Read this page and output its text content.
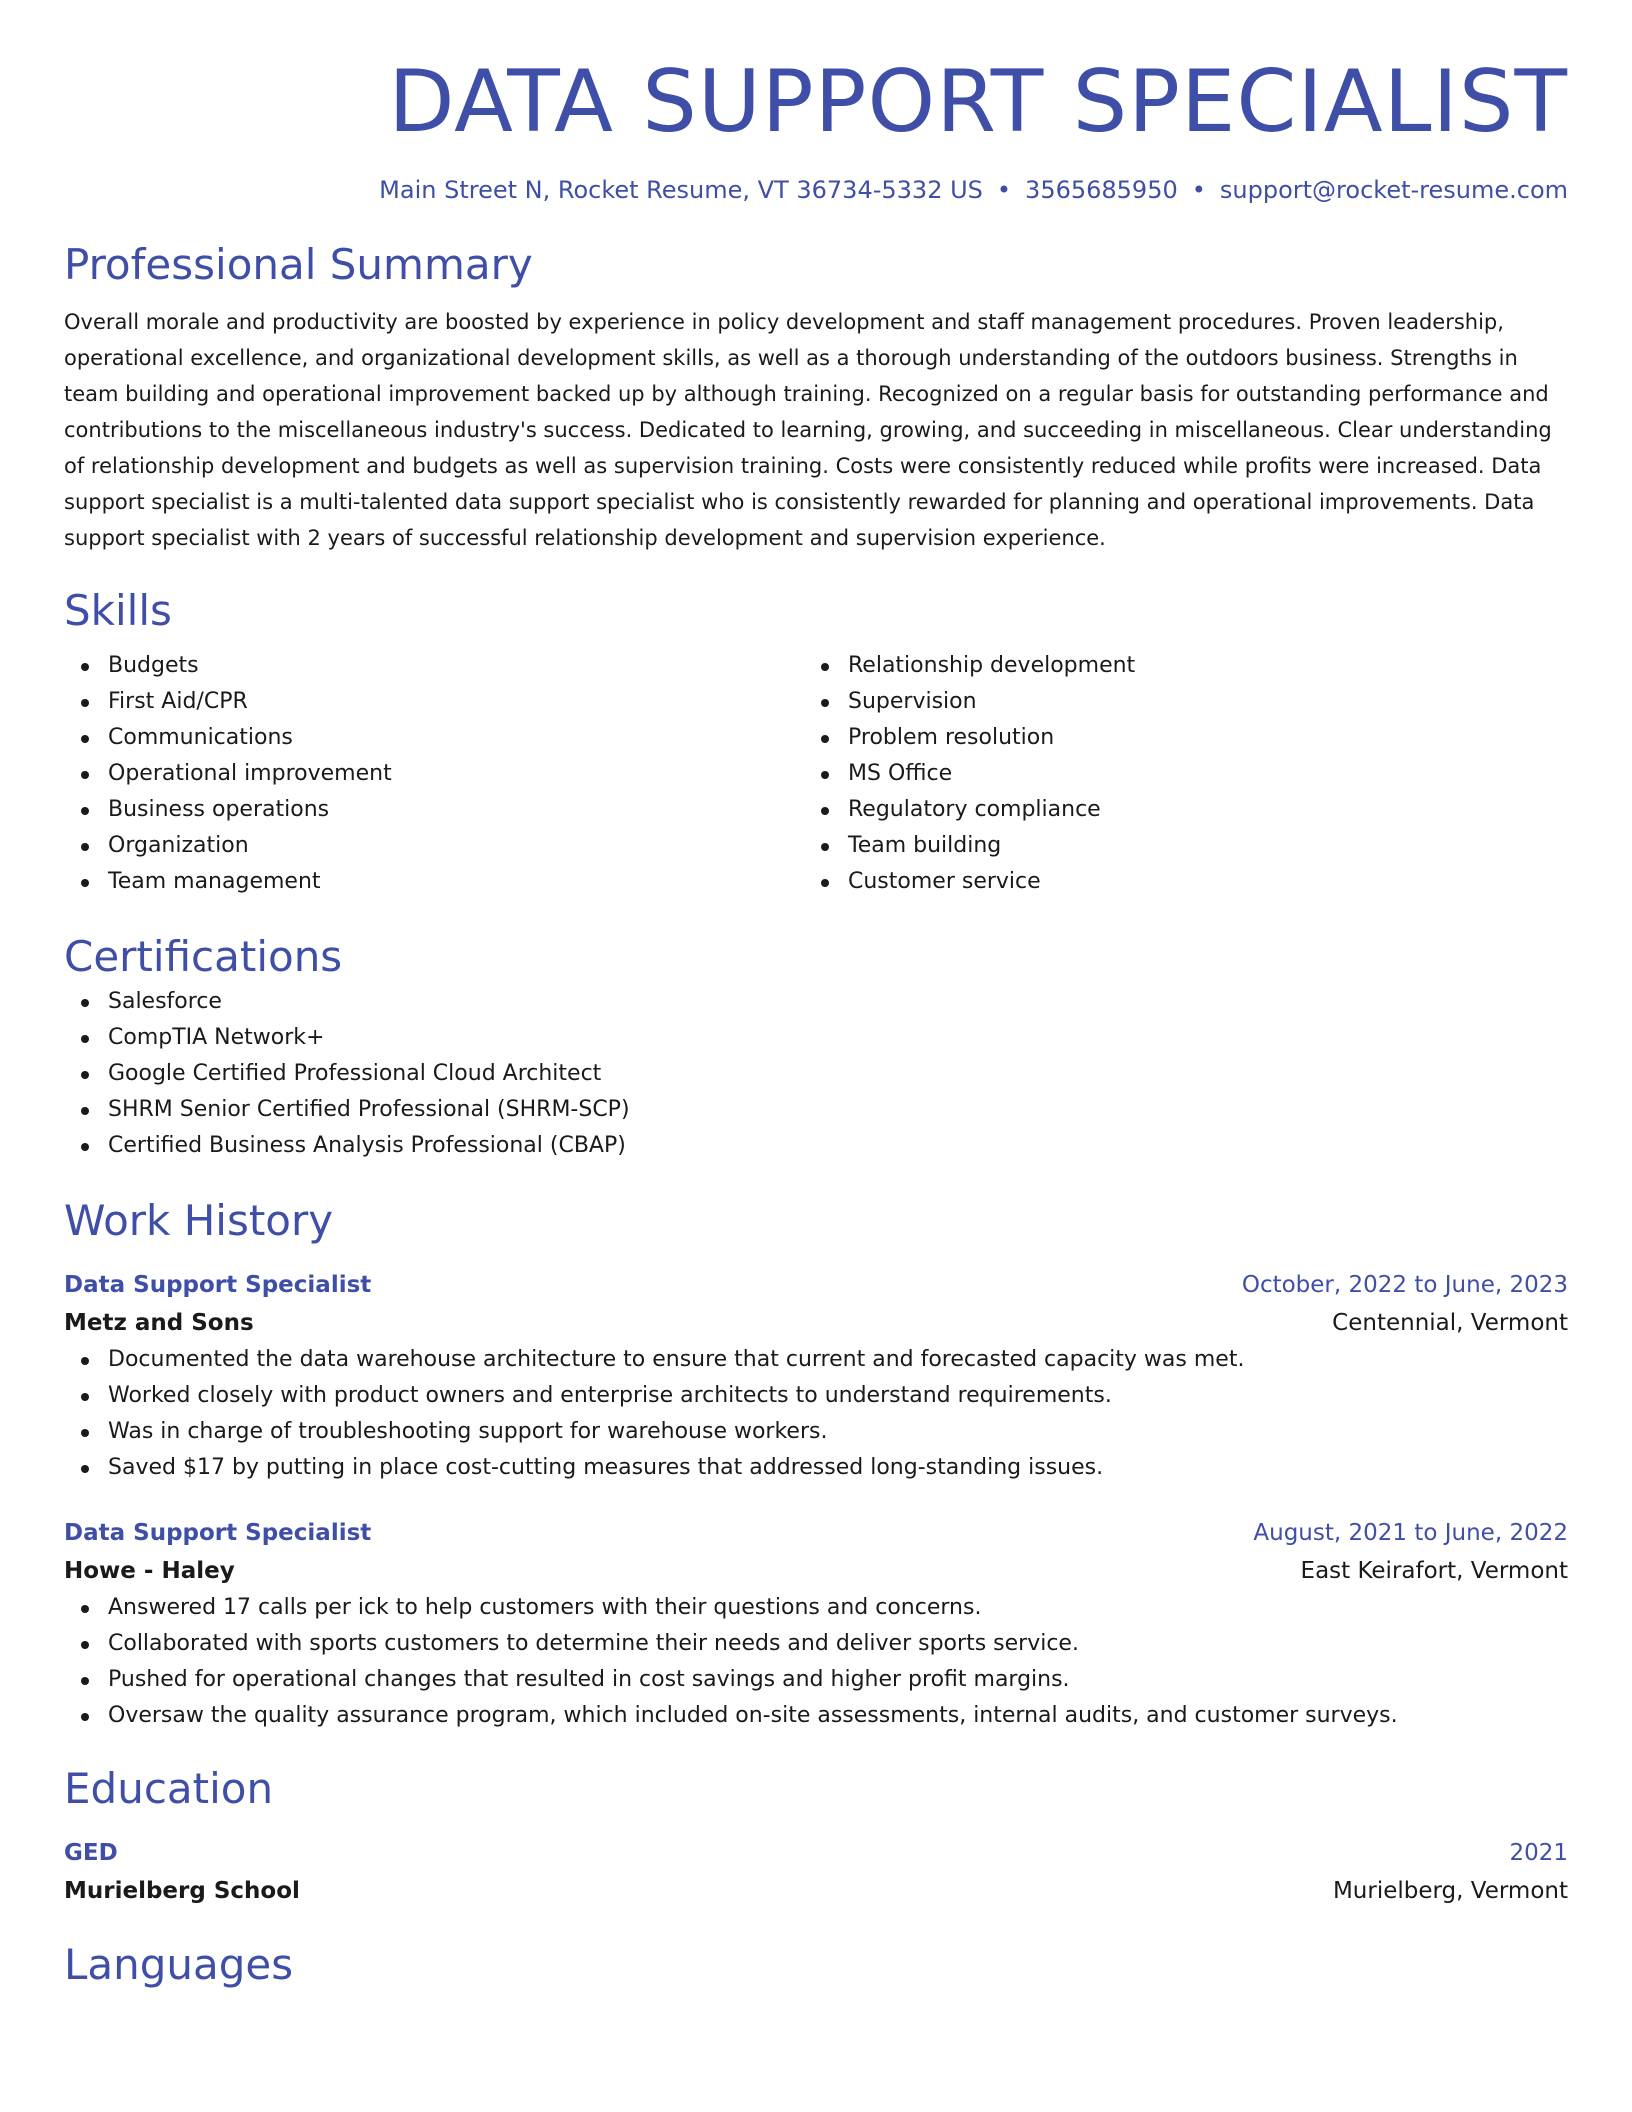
DATA SUPPORT SPECIALIST
Main Street N, Rocket Resume, VT 36734-5332 US • 3565685950 • support@rocket-resume.com
Professional Summary

Overall morale and productivity are boosted by experience in policy development and staff management procedures. Proven leadership, operational excellence, and organizational development skills, as well as a thorough understanding of the outdoors business. Strengths in team building and operational improvement backed up by although training. Recognized on a regular basis for outstanding performance and contributions to the miscellaneous industry's success. Dedicated to learning, growing, and succeeding in miscellaneous. Clear understanding of relationship development and budgets as well as supervision training. Costs were consistently reduced while profits were increased. Data support specialist is a multi-talented data support specialist who is consistently rewarded for planning and operational improvements. Data support specialist with 2 years of successful relationship development and supervision experience.

Skills
Budgets
First Aid/CPR
Communications
Operational improvement
Business operations
Organization
Team management
Relationship development
Supervision
Problem resolution
MS Office
Regulatory compliance
Team building
Customer service
Certifications
Salesforce
CompTIA Network+
Google Certified Professional Cloud Architect
SHRM Senior Certified Professional (SHRM-SCP)
Certified Business Analysis Professional (CBAP)
Work History
Data Support Specialist	October, 2022 to June, 2023
Metz and Sons	Centennial, Vermont
Documented the data warehouse architecture to ensure that current and forecasted capacity was met.
Worked closely with product owners and enterprise architects to understand requirements.
Was in charge of troubleshooting support for warehouse workers.
Saved $17 by putting in place cost-cutting measures that addressed long-standing issues.
Data Support Specialist	August, 2021 to June, 2022
Howe - Haley	East Keirafort, Vermont
Answered 17 calls per ick to help customers with their questions and concerns.
Collaborated with sports customers to determine their needs and deliver sports service.
Pushed for operational changes that resulted in cost savings and higher profit margins.
Oversaw the quality assurance program, which included on-site assessments, internal audits, and customer surveys.
Education
GED	2021
Murielberg School	Murielberg, Vermont
Languages
